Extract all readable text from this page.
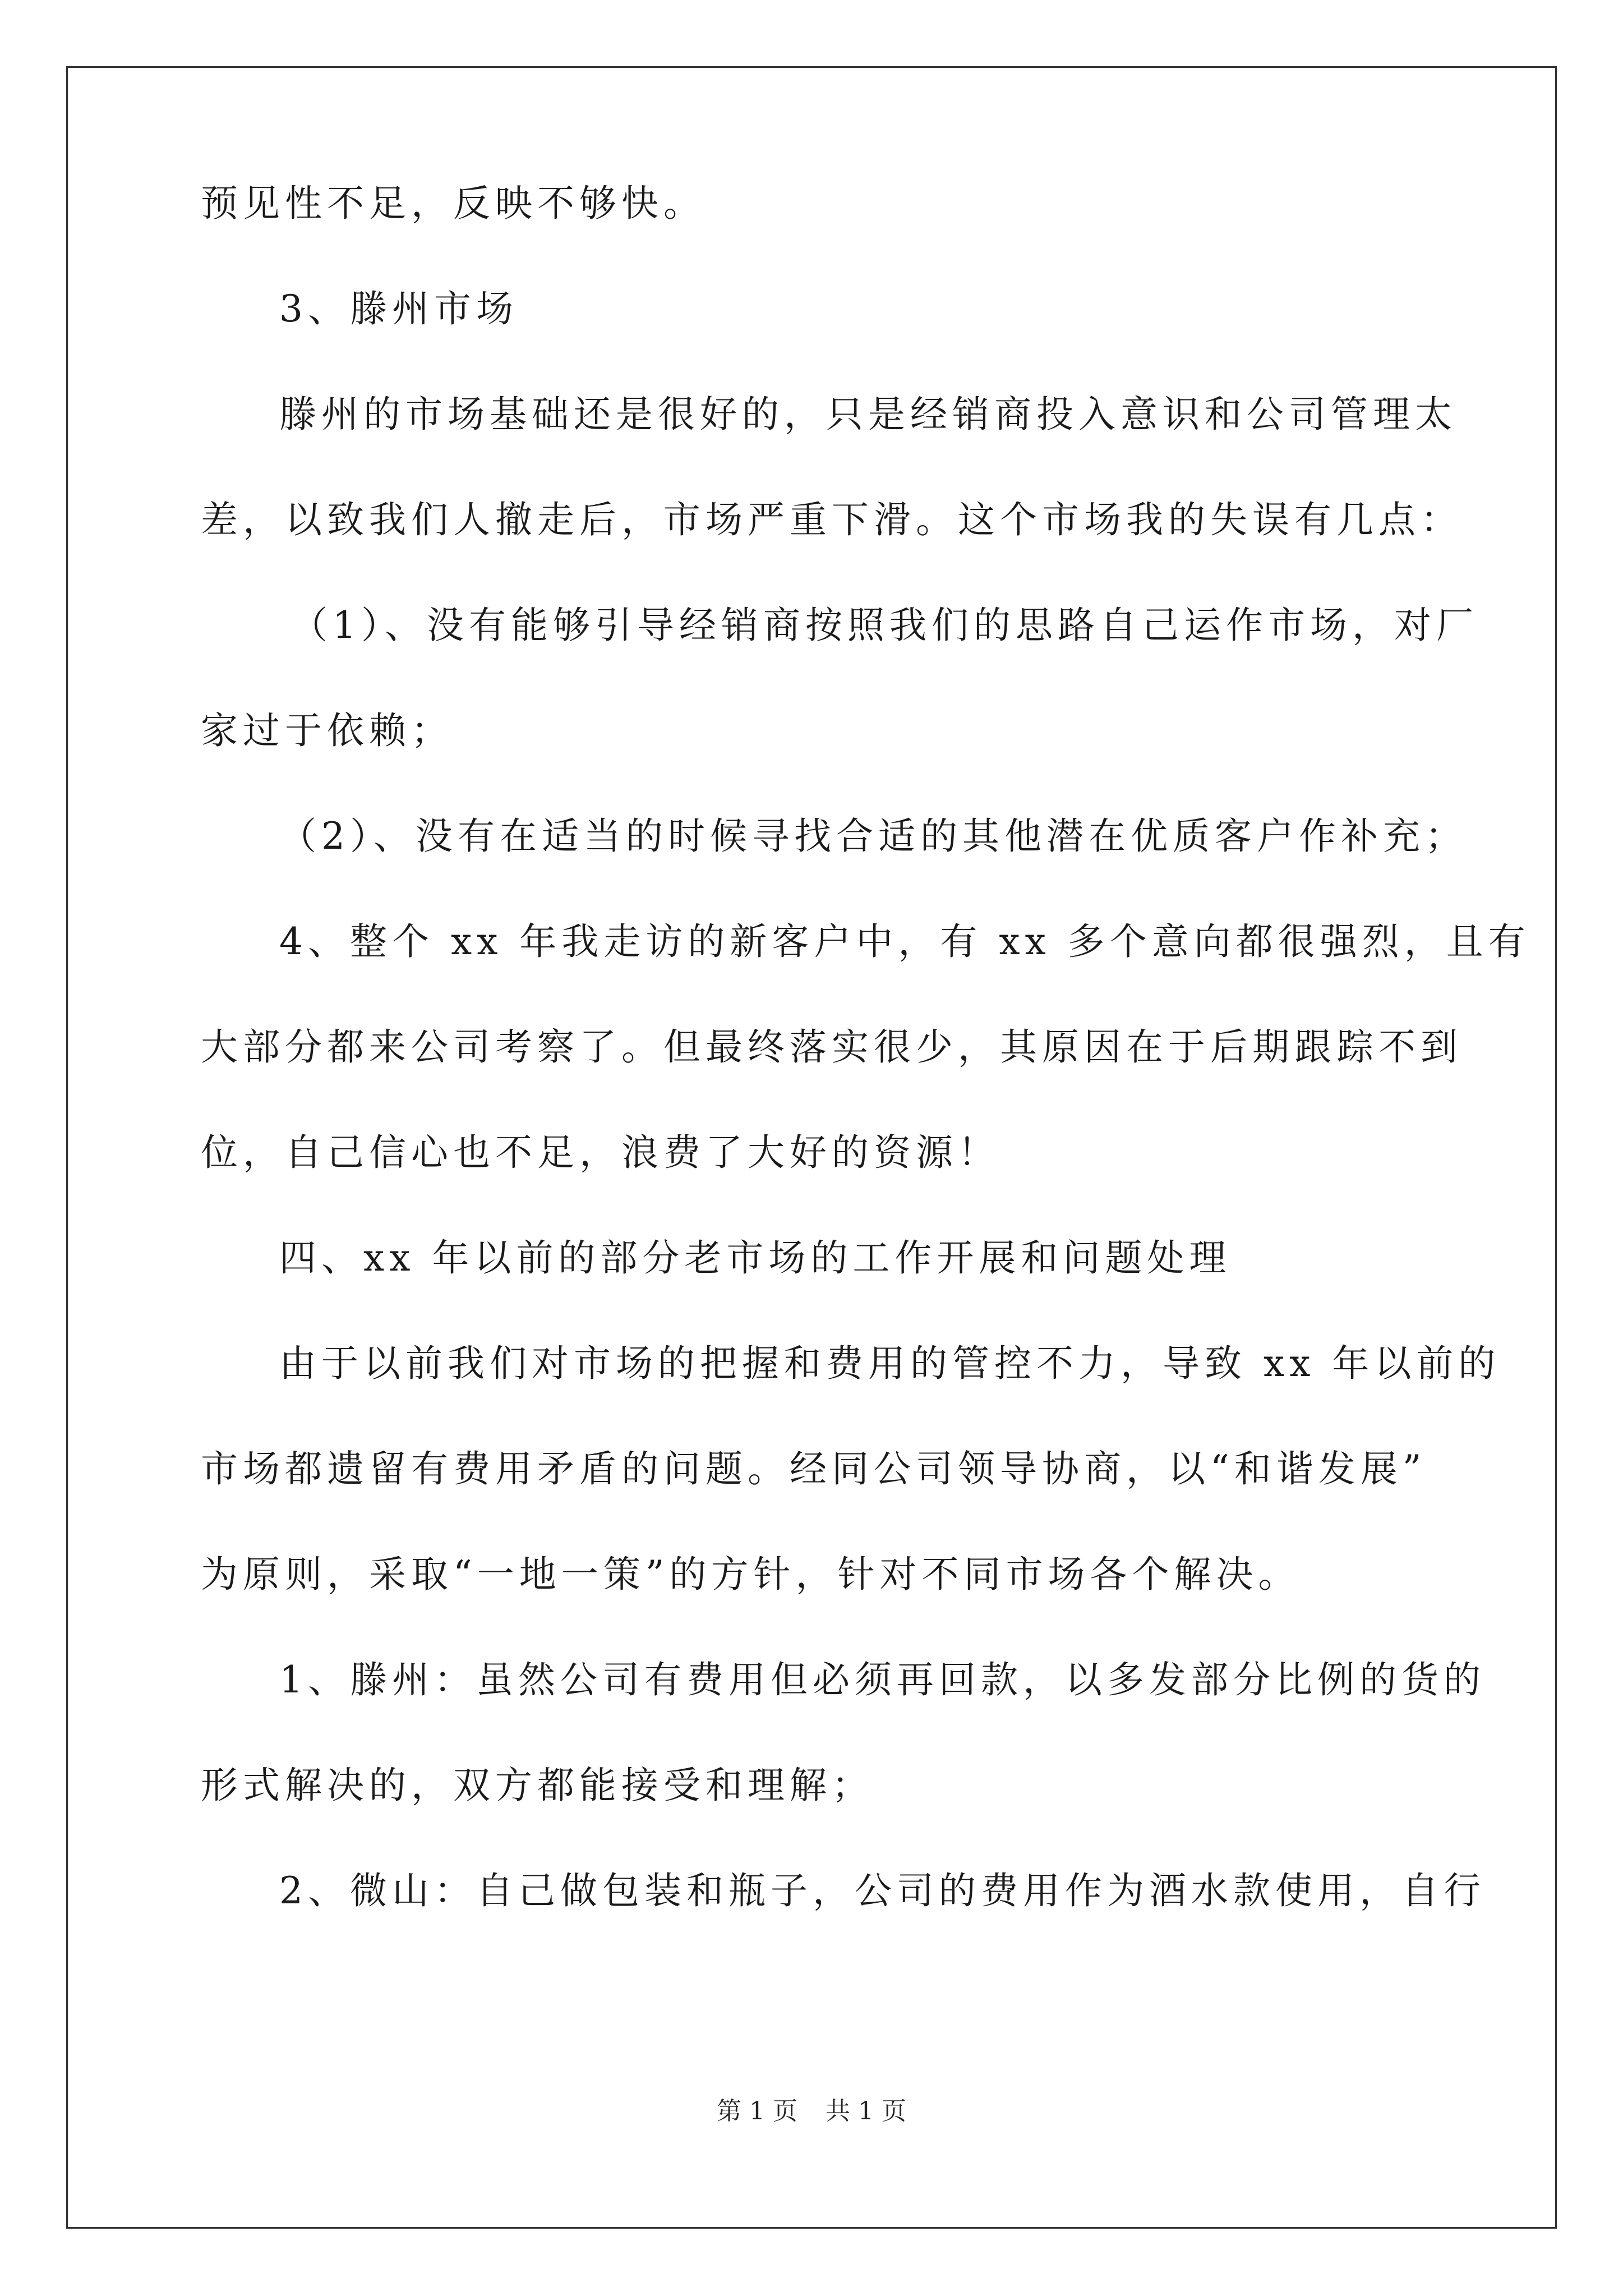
预见性不足，反映不够快。
3、滕州市场
滕州的市场基础还是很好的，只是经销商投入意识和公司管理太
差，以致我们人撤走后，市场严重下滑。这个市场我的失误有几点：
（1）、没有能够引导经销商按照我们的思路自己运作市场，对厂
家过于依赖；
（2）、没有在适当的时候寻找合适的其他潜在优质客户作补充；
4、整个 xx 年我走访的新客户中，有 xx 多个意向都很强烈，且有
大部分都来公司考察了。但最终落实很少，其原因在于后期跟踪不到
位，自己信心也不足，浪费了大好的资源！
四、xx 年以前的部分老市场的工作开展和问题处理
由于以前我们对市场的把握和费用的管控不力，导致 xx 年以前的
市场都遗留有费用矛盾的问题。经同公司领导协商，以“和谐发展”
为原则，采取“一地一策”的方针，针对不同市场各个解决。
1、滕州：虽然公司有费用但必须再回款，以多发部分比例的货的
形式解决的，双方都能接受和理解；
2、微山：自己做包装和瓶子，公司的费用作为酒水款使用，自行
第 1 页 共 1 页
